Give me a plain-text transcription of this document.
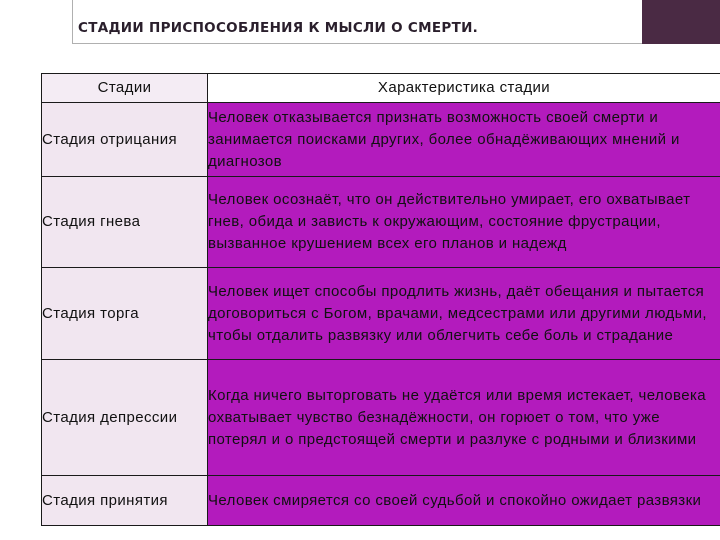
СТАДИИ ПРИСПОСОБЛЕНИЯ К МЫСЛИ О СМЕРТИ.
Стадии	Характеристика стадии
Стадия отрицания	Человек отказывается признать возможность своей смерти и занимается поисками других, более обнадёживающих мнений и диагнозов
Стадия гнева	Человек осознаёт, что он действительно умирает, его охватывает гнев, обида и зависть к окружающим, состояние фрустрации, вызванное крушением всех его планов и надежд
Стадия торга	Человек ищет способы продлить жизнь, даёт обещания и пытается договориться с Богом, врачами, медсестрами или другими людьми, чтобы отдалить развязку или облегчить себе боль и страдание
Стадия депрессии	Когда ничего выторговать не удаётся или время истекает, человека охватывает чувство безнадёжности, он горюет о том, что уже потерял и о предстоящей смерти и разлуке с родными и близкими
Стадия принятия	Человек смиряется со своей судьбой и спокойно ожидает развязки
